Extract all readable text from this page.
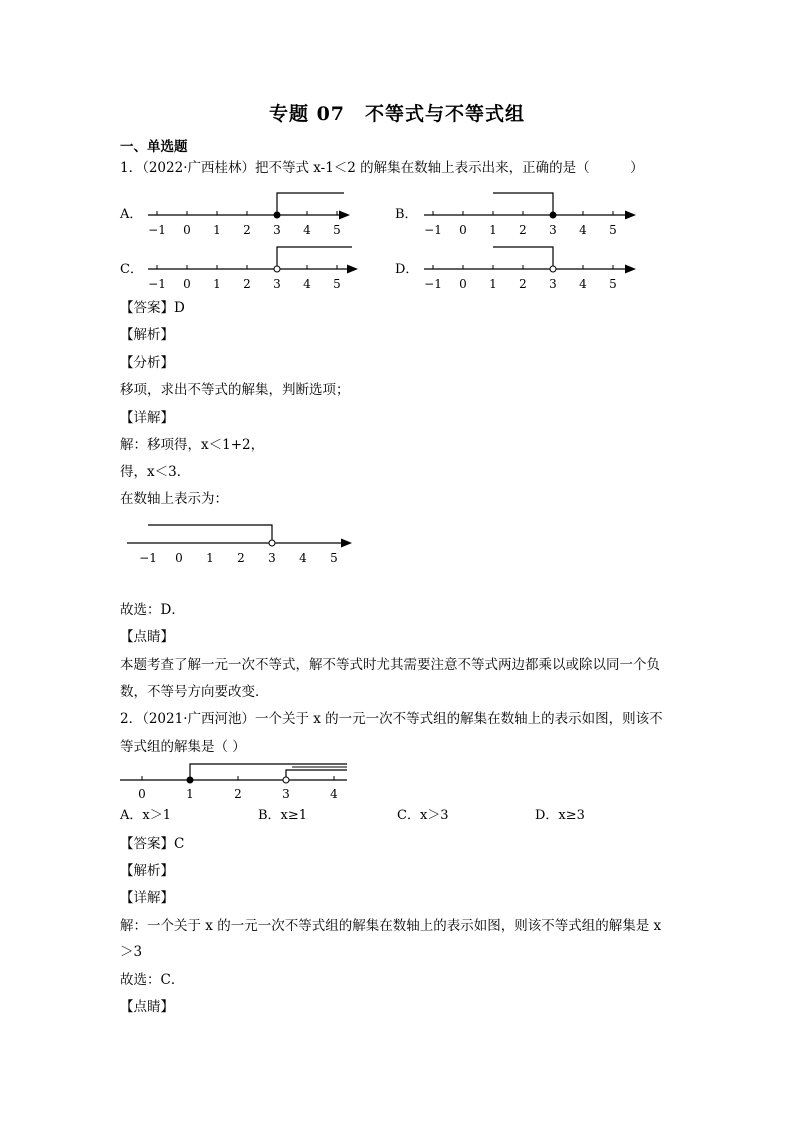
专题 07　不等式与不等式组
一、单选题
1．（2022·广西桂林）把不等式 x-1＜2 的解集在数轴上表示出来，正确的是（　　　）
A．	B．
C．	D．
−1 0 1 2 3 4 5	−1 0 1 2 3 4 5
−1 0 1 2 3 4 5	−1 0 1 2 3 4 5
【答案】D
【解析】
【分析】
移项，求出不等式的解集，判断选项；
【详解】
解：移项得，x＜1+2，
得，x＜3．
在数轴上表示为：
−1 0 1 2 3 4 5
故选：D．
【点睛】
本题考查了解一元一次不等式，解不等式时尤其需要注意不等式两边都乘以或除以同一个负数，不等号方向要改变．
2．（2021·广西河池）一个关于 x 的一元一次不等式组的解集在数轴上的表示如图，则该不
等式组的解集是（ ）
0	1	2	3	4
A．x＞1	B．x≥1	C．x＞3	D．x≥3
【答案】C
【解析】
【详解】
解：一个关于 x 的一元一次不等式组的解集在数轴上的表示如图，则该不等式组的解集是 x
＞3
故选：C．
【点睛】
